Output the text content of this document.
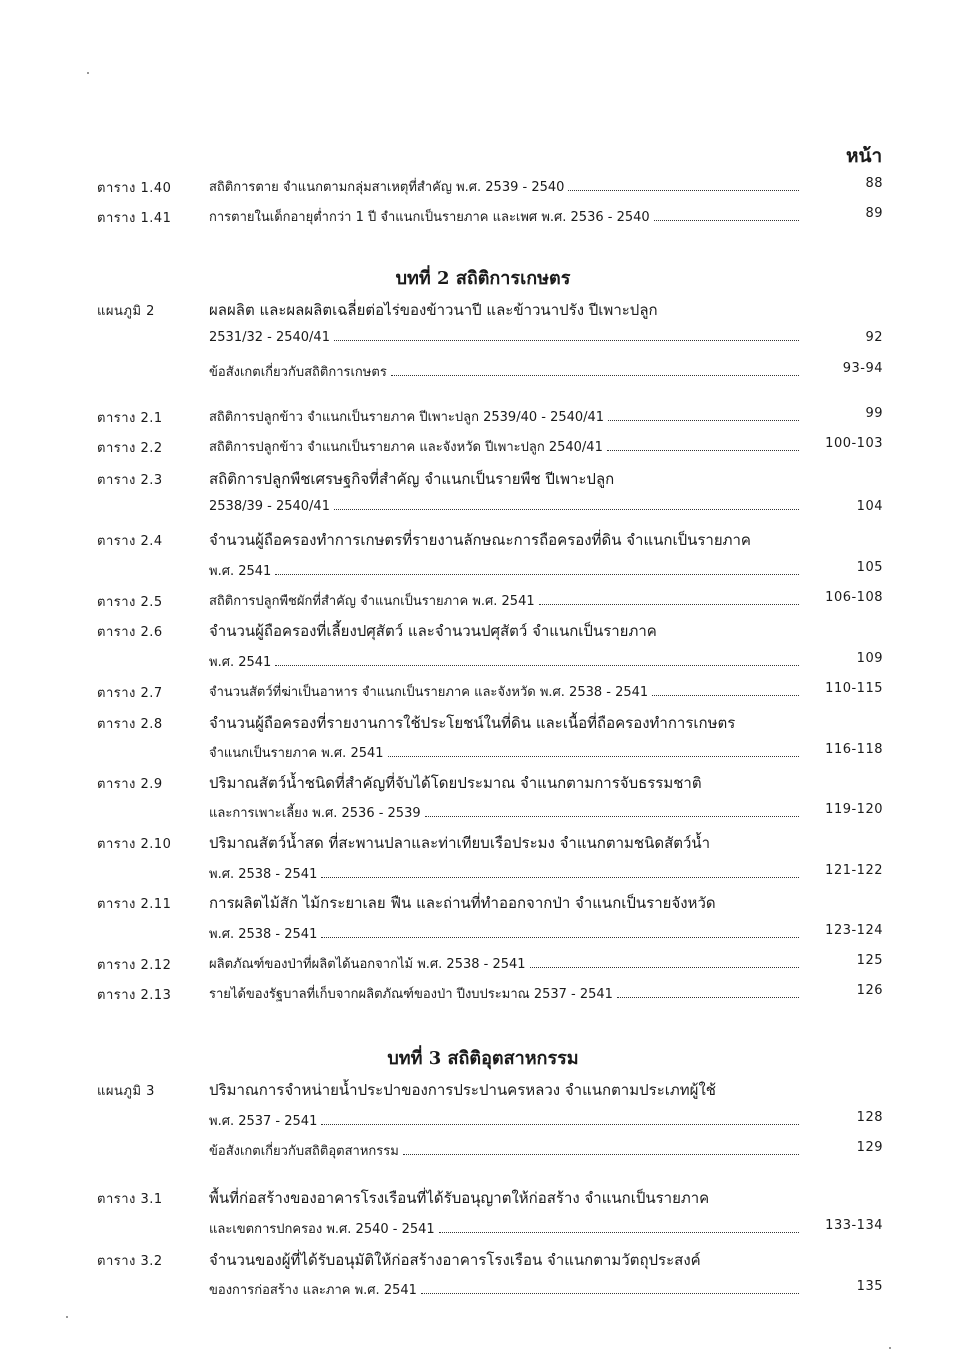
หน้า
ตาราง 1.40	สถิติการตาย จำแนกตามกลุ่มสาเหตุที่สำคัญ พ.ศ. 2539 - 2540	88
ตาราง 1.41	การตายในเด็กอายุต่ำกว่า 1 ปี จำแนกเป็นรายภาค และเพศ พ.ศ. 2536 - 2540	89
บทที่ 2 สถิติการเกษตร
แผนภูมิ 2	ผลผลิต และผลผลิตเฉลี่ยต่อไร่ของข้าวนาปี และข้าวนาปรัง ปีเพาะปลูก
2531/32 - 2540/41	92
ข้อสังเกตเกี่ยวกับสถิติการเกษตร	93-94
ตาราง 2.1	สถิติการปลูกข้าว จำแนกเป็นรายภาค ปีเพาะปลูก 2539/40 - 2540/41	99
ตาราง 2.2	สถิติการปลูกข้าว จำแนกเป็นรายภาค และจังหวัด ปีเพาะปลูก 2540/41	100-103
ตาราง 2.3	สถิติการปลูกพืชเศรษฐกิจที่สำคัญ จำแนกเป็นรายพืช ปีเพาะปลูก
2538/39 - 2540/41	104
ตาราง 2.4	จำนวนผู้ถือครองทำการเกษตรที่รายงานลักษณะการถือครองที่ดิน จำแนกเป็นรายภาค
พ.ศ. 2541	105
ตาราง 2.5	สถิติการปลูกพืชผักที่สำคัญ จำแนกเป็นรายภาค พ.ศ. 2541	106-108
ตาราง 2.6	จำนวนผู้ถือครองที่เลี้ยงปศุสัตว์ และจำนวนปศุสัตว์ จำแนกเป็นรายภาค
พ.ศ. 2541	109
ตาราง 2.7	จำนวนสัตว์ที่ฆ่าเป็นอาหาร จำแนกเป็นรายภาค และจังหวัด พ.ศ. 2538 - 2541	110-115
ตาราง 2.8	จำนวนผู้ถือครองที่รายงานการใช้ประโยชน์ในที่ดิน และเนื้อที่ถือครองทำการเกษตร
จำแนกเป็นรายภาค พ.ศ. 2541	116-118
ตาราง 2.9	ปริมาณสัตว์น้ำชนิดที่สำคัญที่จับได้โดยประมาณ จำแนกตามการจับธรรมชาติ
และการเพาะเลี้ยง พ.ศ. 2536 - 2539	119-120
ตาราง 2.10	ปริมาณสัตว์น้ำสด ที่สะพานปลาและท่าเทียบเรือประมง จำแนกตามชนิดสัตว์น้ำ
พ.ศ. 2538 - 2541	121-122
ตาราง 2.11	การผลิตไม้สัก ไม้กระยาเลย ฟืน และถ่านที่ทำออกจากป่า จำแนกเป็นรายจังหวัด
พ.ศ. 2538 - 2541	123-124
ตาราง 2.12	ผลิตภัณฑ์ของป่าที่ผลิตได้นอกจากไม้ พ.ศ. 2538 - 2541	125
ตาราง 2.13	รายได้ของรัฐบาลที่เก็บจากผลิตภัณฑ์ของป่า ปีงบประมาณ 2537 - 2541	126
บทที่ 3 สถิติอุตสาหกรรม
แผนภูมิ 3	ปริมาณการจำหน่ายน้ำประปาของการประปานครหลวง จำแนกตามประเภทผู้ใช้
พ.ศ. 2537 - 2541	128
ข้อสังเกตเกี่ยวกับสถิติอุตสาหกรรม	129
ตาราง 3.1	พื้นที่ก่อสร้างของอาคารโรงเรือนที่ได้รับอนุญาตให้ก่อสร้าง จำแนกเป็นรายภาค
และเขตการปกครอง พ.ศ. 2540 - 2541	133-134
ตาราง 3.2	จำนวนของผู้ที่ได้รับอนุมัติให้ก่อสร้างอาคารโรงเรือน จำแนกตามวัตถุประสงค์
ของการก่อสร้าง และภาค พ.ศ. 2541	135
